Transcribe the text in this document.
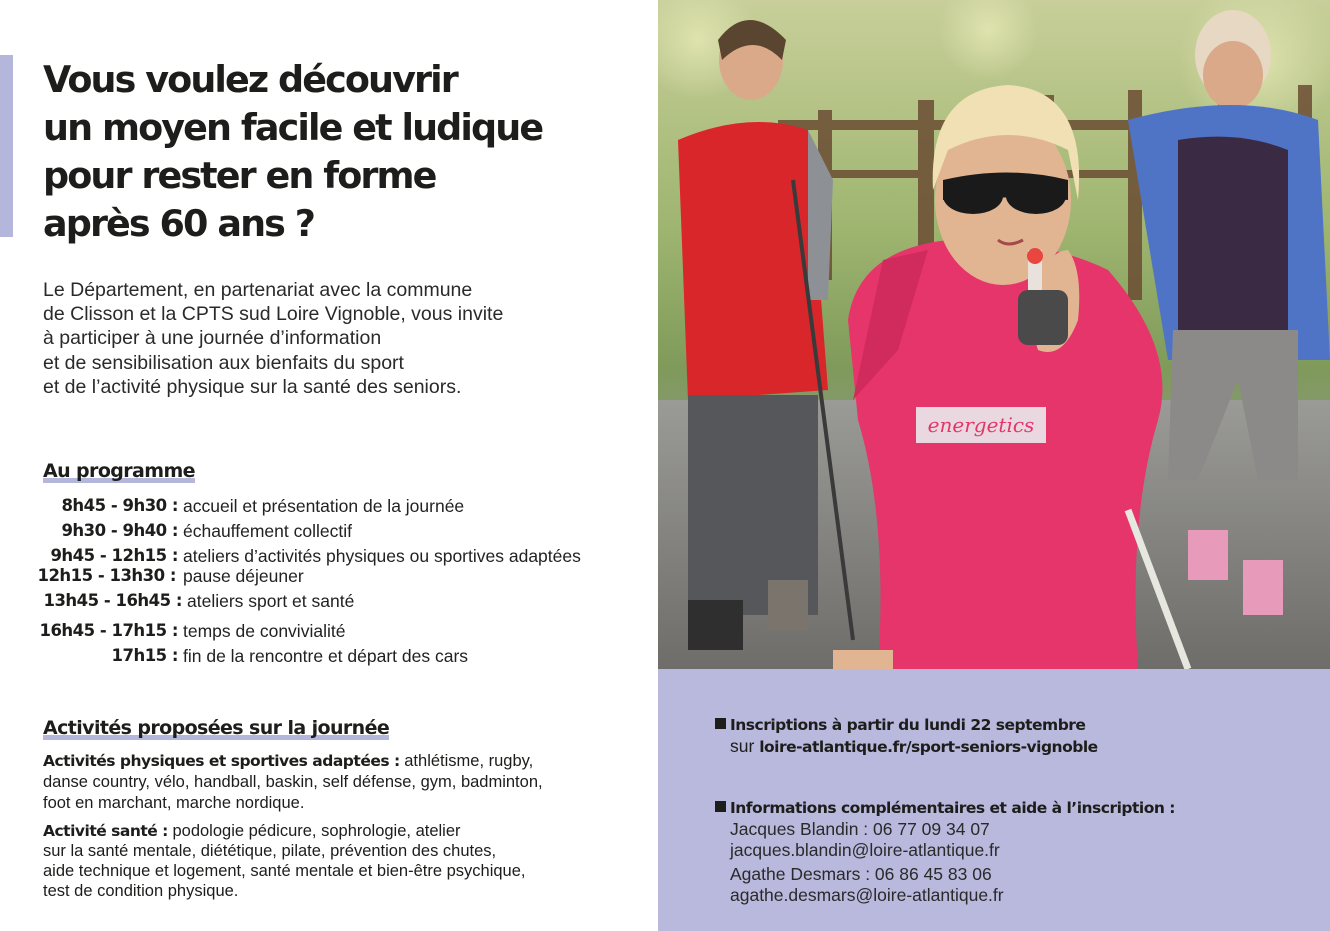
Vous voulez découvrir
un moyen facile et ludique
pour rester en forme
après 60 ans ?
Le Département, en partenariat avec la commune
de Clisson et la CPTS sud Loire Vignoble, vous invite
à participer à une journée d’information
et de sensibilisation aux bienfaits du sport
et de l’activité physique sur la santé des seniors.
Au programme
8h45 - 9h30 : accueil et présentation de la journée
9h30 - 9h40 : échauffement collectif
9h45 - 12h15 : ateliers d’activités physiques ou sportives adaptées
12h15 - 13h30 : pause déjeuner
13h45 - 16h45 : ateliers sport et santé
16h45 - 17h15 : temps de convivialité
17h15 : fin de la rencontre et départ des cars
Activités proposées sur la journée
Activités physiques et sportives adaptées : athlétisme, rugby,
danse country, vélo, handball, baskin, self défense, gym, badminton,
foot en marchant, marche nordique.
Activité santé : podologie pédicure, sophrologie, atelier
sur la santé mentale, diététique, pilate, prévention des chutes,
aide technique et logement, santé mentale et bien-être psychique,
test de condition physique.
energetics
Inscriptions à partir du lundi 22 septembre
sur loire-atlantique.fr/sport-seniors-vignoble
Informations complémentaires et aide à l’inscription :
Jacques Blandin : 06 77 09 34 07
jacques.blandin@loire-atlantique.fr
Agathe Desmars : 06 86 45 83 06
agathe.desmars@loire-atlantique.fr
